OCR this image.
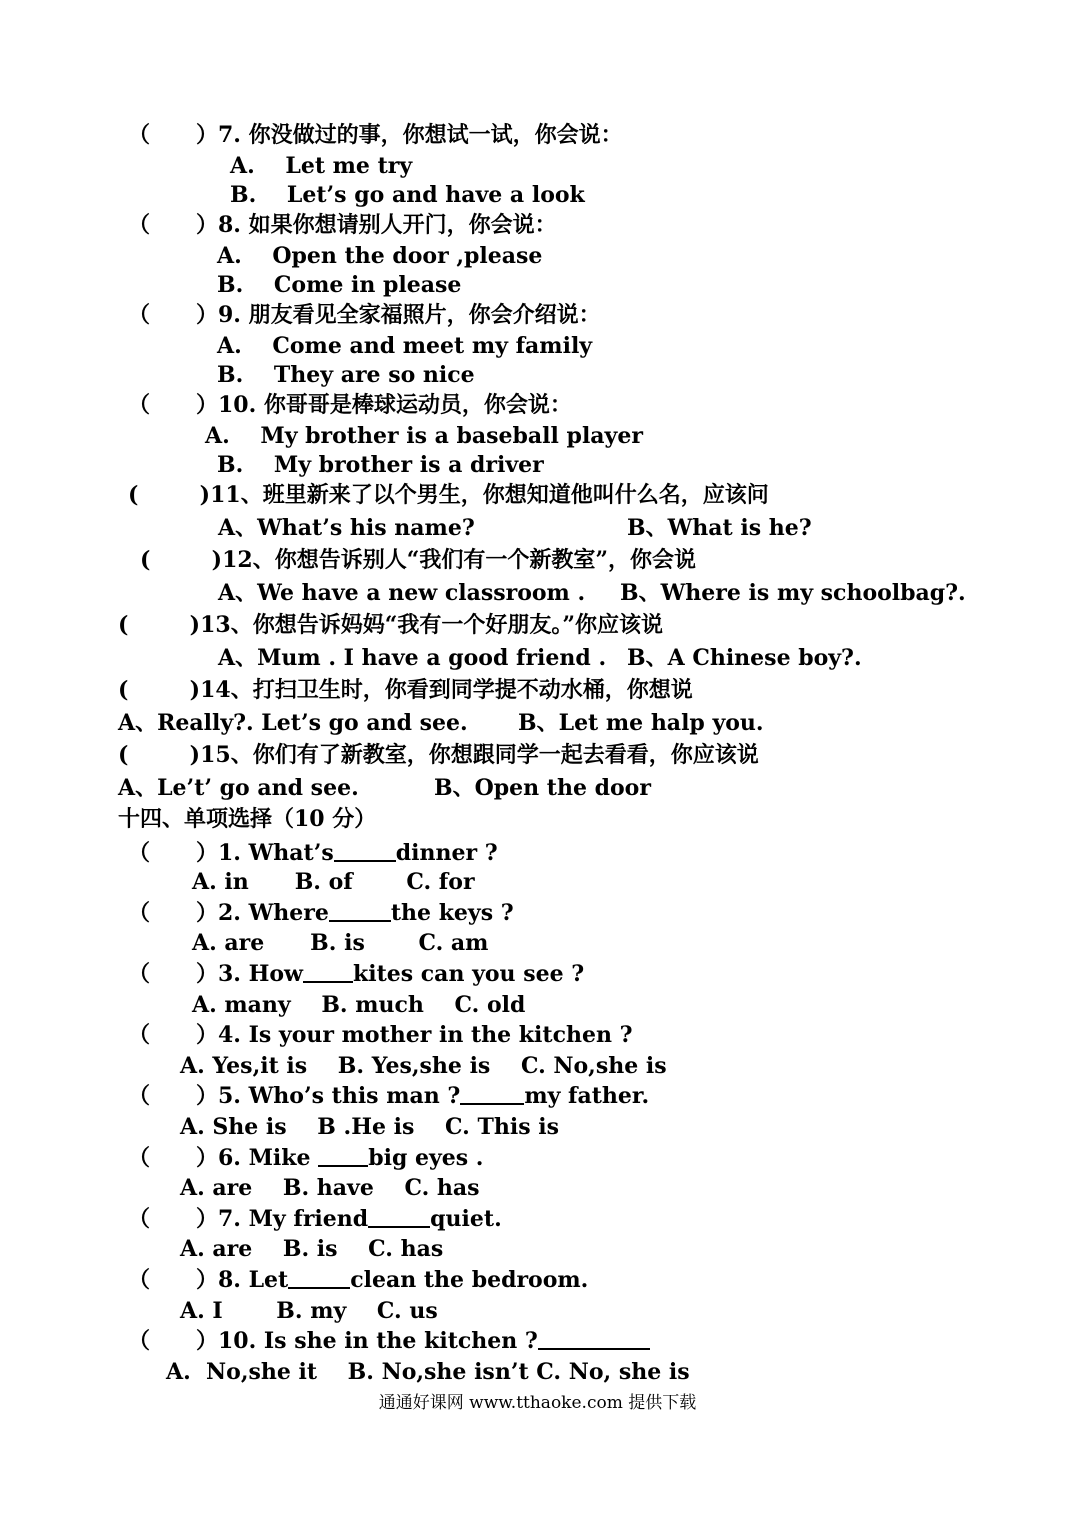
（      ）7. 你没做过的事，你想试一试，你会说：
A.    Let me try
B.    Let’s go and have a look
（      ）8. 如果你想请别人开门，你会说：
A.    Open the door ,please
B.    Come in please
（      ）9. 朋友看见全家福照片，你会介绍说：
A.    Come and meet my family
B.    They are so nice
（      ）10. 你哥哥是棒球运动员，你会说：
A.    My brother is a baseball player
B.    My brother is a driver
(        )11、班里新来了以个男生，你想知道他叫什么名，应该问
A、What’s his name?	B、What is he?
(        )12、你想告诉别人“我们有一个新教室”，你会说
A、We have a new classroom . B、Where is my schoolbag?.
(        )13、你想告诉妈妈“我有一个好朋友。”你应该说
A、Mum . I have a good friend . B、A Chinese boy?.
(        )14、打扫卫生时，你看到同学提不动水桶，你想说
A、Really?. Let’s go and see. B、Let me halp you.
(        )15、你们有了新教室，你想跟同学一起去看看，你应该说
A、Le’t’ go and see.	B、Open the door
十四、单项选择（10 分）
（      ）1. What’s	dinner ?
A. in      B. of       C. for
（      ）2. Where	the keys ?
A. are      B. is       C. am
（      ）3. How kites can you see ?
A. many    B. much    C. old
（      ）4. Is your mother in the kitchen ?
A. Yes,it is    B. Yes,she is    C. No,she is
（      ）5. Who’s this man ?	my father.
A. She is    B .He is    C. This is
（      ）6. Mike big eyes .
A. are    B. have    C. has
（      ）7. My friend	quiet.
A. are    B. is    C. has
（      ）8. Let	clean the bedroom.
A. I       B. my    C. us
（      ）10. Is she in the kitchen ?
A.  No,she it    B. No,she isn’t C. No, she is
通通好课网 www.tthaoke.com 提供下载
